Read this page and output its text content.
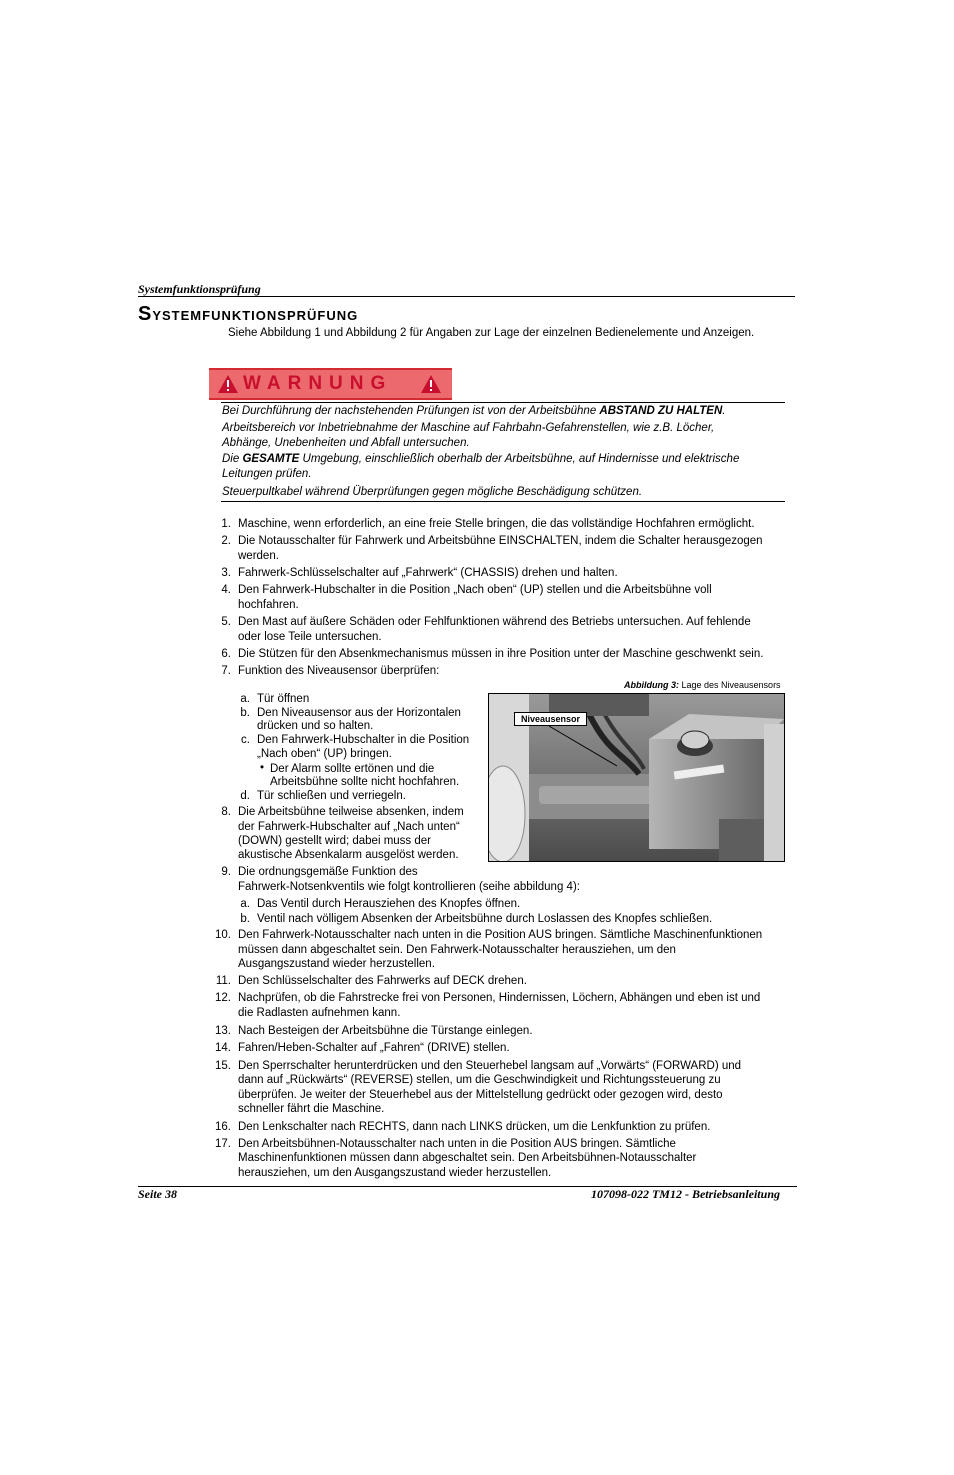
Systemfunktionsprüfung
SYSTEMFUNKTIONSPRÜFUNG
Siehe Abbildung 1 und Abbildung 2 für Angaben zur Lage der einzelnen Bedienelemente und Anzeigen.
WARNUNG
Bei Durchführung der nachstehenden Prüfungen ist von der Arbeitsbühne ABSTAND ZU HALTEN.
Arbeitsbereich vor Inbetriebnahme der Maschine auf Fahrbahn-Gefahrenstellen, wie z.B. Löcher,
Abhänge, Unebenheiten und Abfall untersuchen.
Die GESAMTE Umgebung, einschließlich oberhalb der Arbeitsbühne, auf Hindernisse und elektrische
Leitungen prüfen.
Steuerpultkabel während Überprüfungen gegen mögliche Beschädigung schützen.
1. Maschine, wenn erforderlich, an eine freie Stelle bringen, die das vollständige Hochfahren ermöglicht.
2. Die Notausschalter für Fahrwerk und Arbeitsbühne EINSCHALTEN, indem die Schalter herausgezogen
werden.
3. Fahrwerk-Schlüsselschalter auf „Fahrwerk“ (CHASSIS) drehen und halten.
4. Den Fahrwerk-Hubschalter in die Position „Nach oben“ (UP) stellen und die Arbeitsbühne voll
hochfahren.
5. Den Mast auf äußere Schäden oder Fehlfunktionen während des Betriebs untersuchen. Auf fehlende
oder lose Teile untersuchen.
6. Die Stützen für den Absenkmechanismus müssen in ihre Position unter der Maschine geschwenkt sein.
7. Funktion des Niveausensor überprüfen:
a. Tür öffnen
b. Den Niveausensor aus der Horizontalen
drücken und so halten.
c. Den Fahrwerk-Hubschalter in die Position
„Nach oben“ (UP) bringen.
• Der Alarm sollte ertönen und die
Arbeitsbühne sollte nicht hochfahren.
d. Tür schließen und verriegeln.
8. Die Arbeitsbühne teilweise absenken, indem
der Fahrwerk-Hubschalter auf „Nach unten“
(DOWN) gestellt wird; dabei muss der
akustische Absenkalarm ausgelöst werden.
Abbildung 3: Lage des Niveausensors
Niveausensor
9. Die ordnungsgemäße Funktion des
Fahrwerk-Notsenkventils wie folgt kontrollieren (seihe abbildung 4):
a. Das Ventil durch Herausziehen des Knopfes öffnen.
b. Ventil nach völligem Absenken der Arbeitsbühne durch Loslassen des Knopfes schließen.
10. Den Fahrwerk-Notausschalter nach unten in die Position AUS bringen. Sämtliche Maschinenfunktionen
müssen dann abgeschaltet sein. Den Fahrwerk-Notausschalter herausziehen, um den
Ausgangszustand wieder herzustellen.
11. Den Schlüsselschalter des Fahrwerks auf DECK drehen.
12. Nachprüfen, ob die Fahrstrecke frei von Personen, Hindernissen, Löchern, Abhängen und eben ist und
die Radlasten aufnehmen kann.
13. Nach Besteigen der Arbeitsbühne die Türstange einlegen.
14. Fahren/Heben-Schalter auf „Fahren“ (DRIVE) stellen.
15. Den Sperrschalter herunterdrücken und den Steuerhebel langsam auf „Vorwärts“ (FORWARD) und
dann auf „Rückwärts“ (REVERSE) stellen, um die Geschwindigkeit und Richtungssteuerung zu
überprüfen. Je weiter der Steuerhebel aus der Mittelstellung gedrückt oder gezogen wird, desto
schneller fährt die Maschine.
16. Den Lenkschalter nach RECHTS, dann nach LINKS drücken, um die Lenkfunktion zu prüfen.
17. Den Arbeitsbühnen-Notausschalter nach unten in die Position AUS bringen. Sämtliche
Maschinenfunktionen müssen dann abgeschaltet sein. Den Arbeitsbühnen-Notausschalter
herausziehen, um den Ausgangszustand wieder herzustellen.
Seite 38	107098-022 TM12 - Betriebsanleitung
